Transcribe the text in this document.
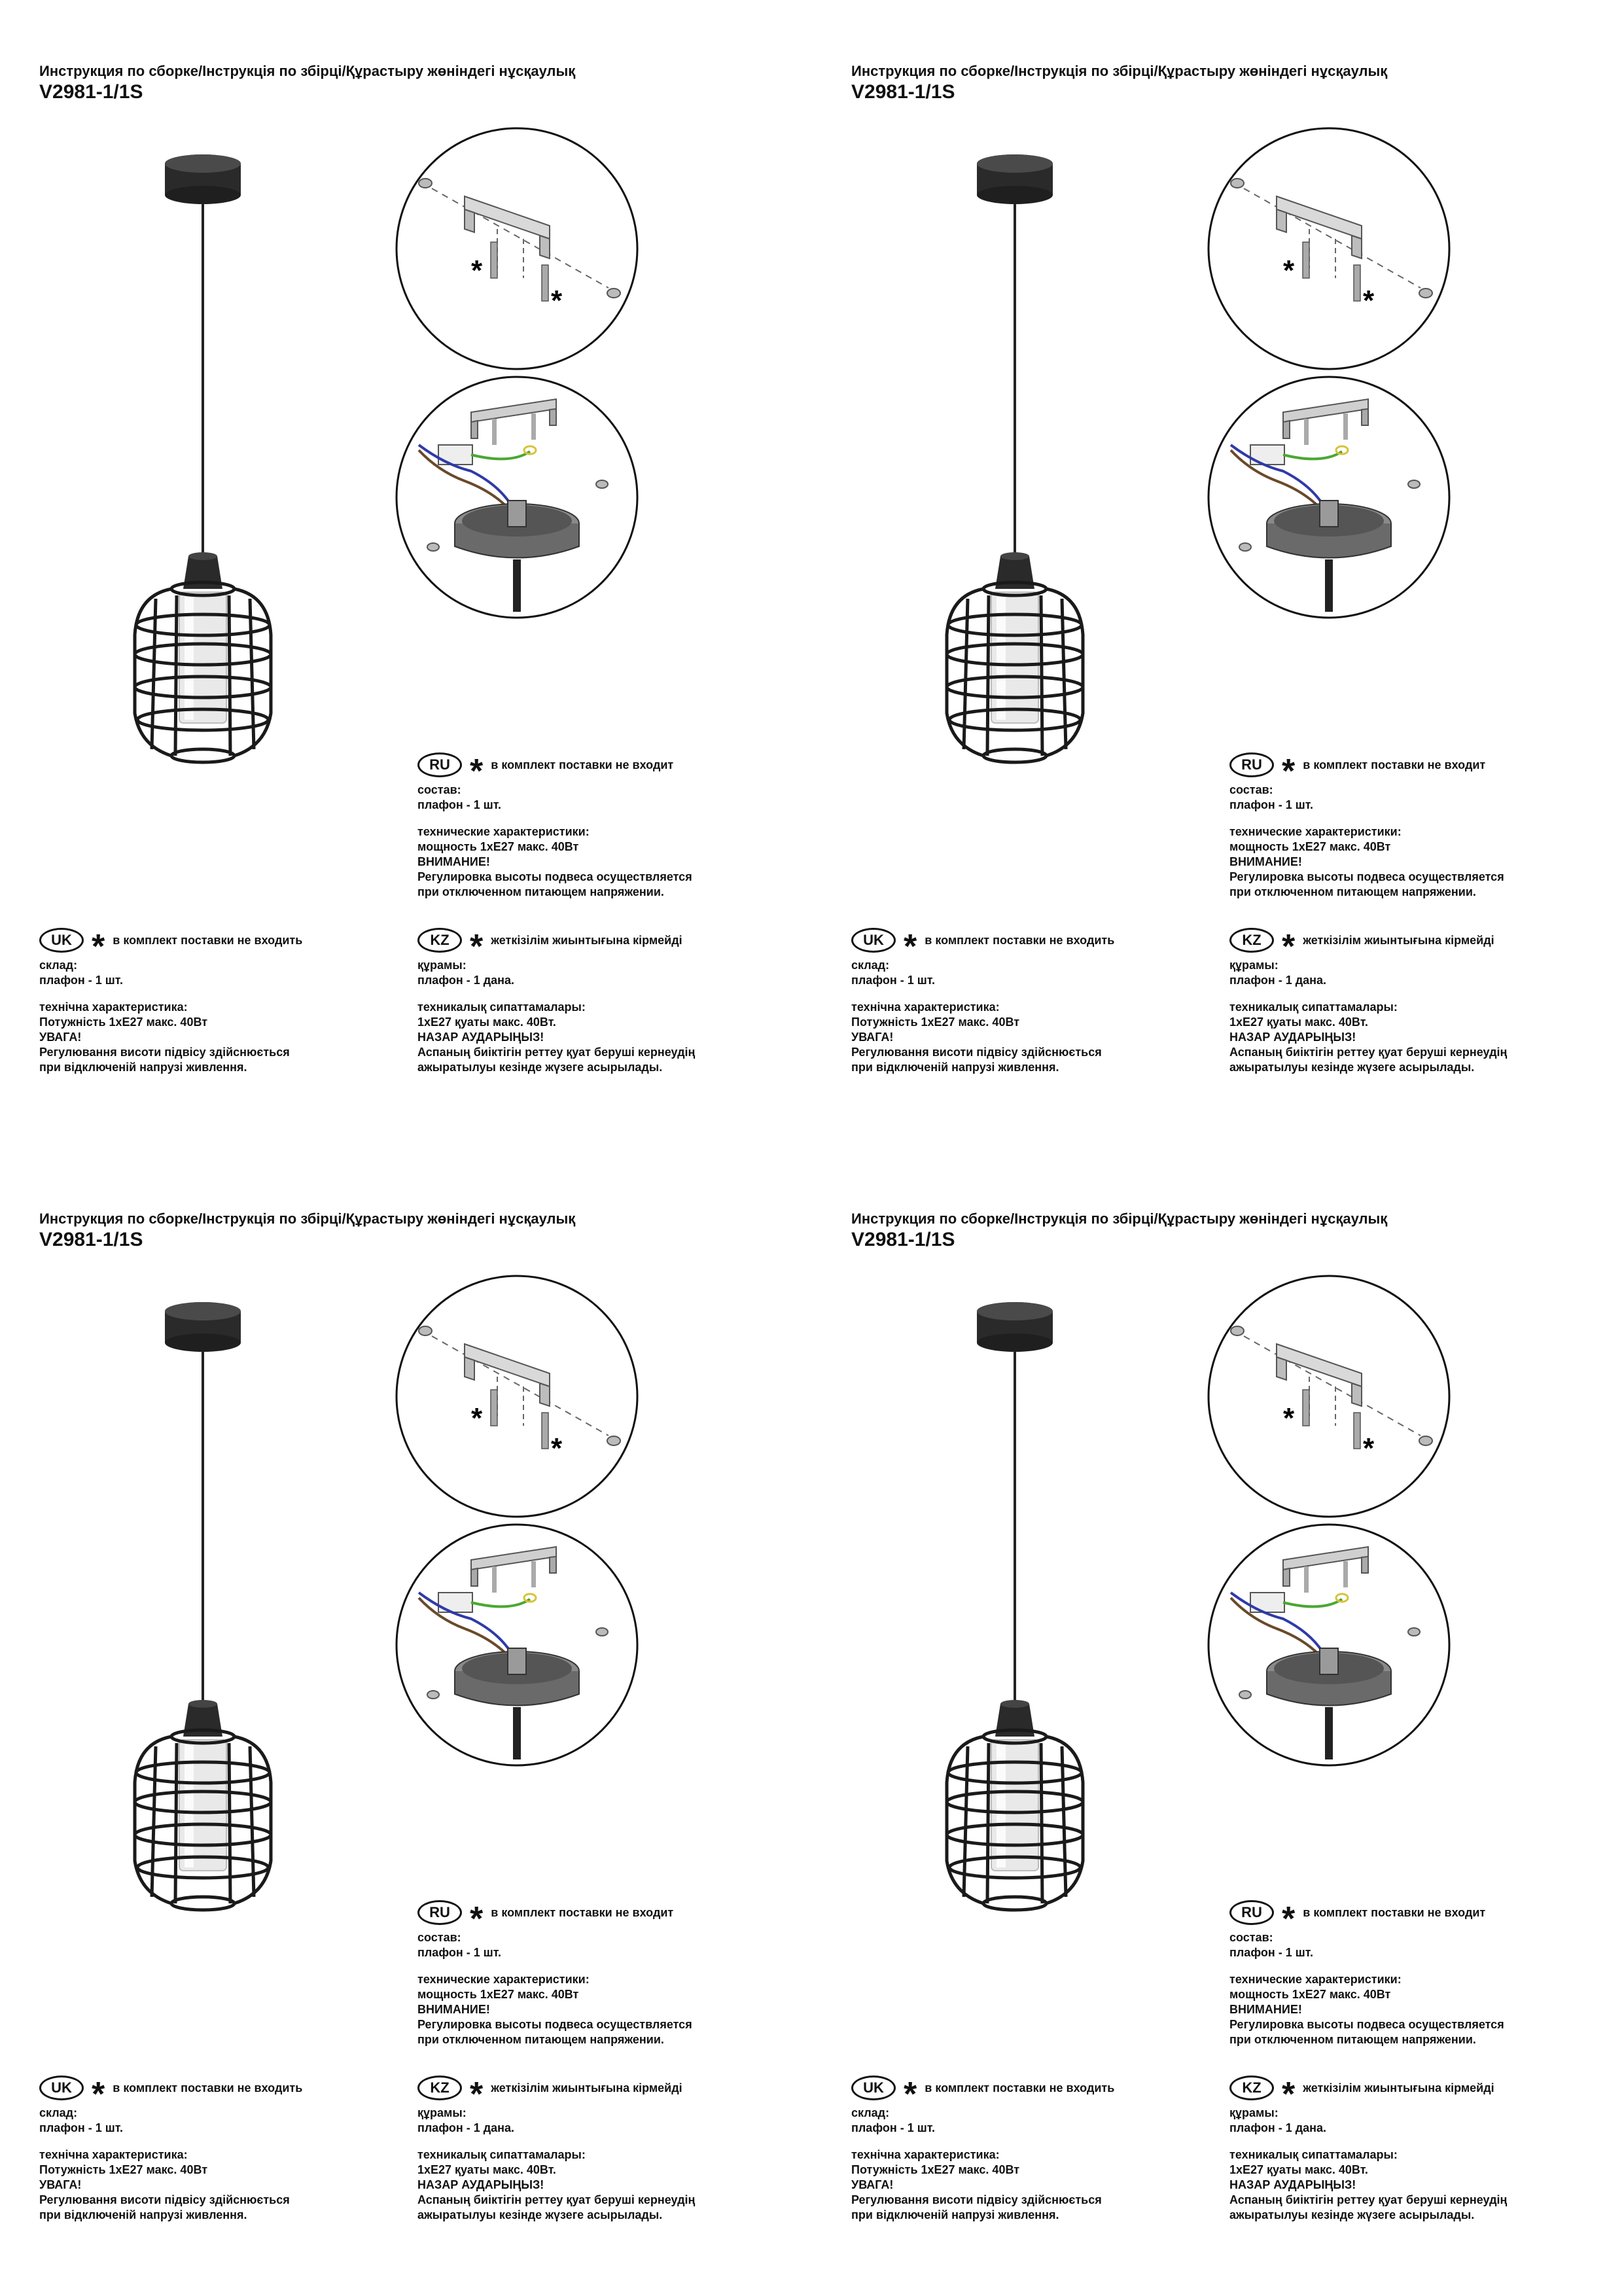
Инструкция по сборке/Інструкція по збірці/Құрастыру жөніндегі нұсқаулық
V2981-1/1S
*
*
RU * в комплект поставки не входит
состав:
плафон - 1 шт.
технические характеристики:
мощность 1хЕ27 макс. 40Вт
ВНИМАНИЕ!
Регулировка высоты подвеса осуществляется
при отключенном питающем напряжении.
UK * в комплект поставки не входить
склад:
плафон - 1 шт.
технічна характеристика:
Потужність 1хЕ27 макс. 40Вт
УВАГА!
Регулювання висоти підвісу здійснюється
при відключеній напрузі живлення.
KZ * жеткізілім жиынтығына кірмейді
құрамы:
плафон - 1 дана.
техникалық сипаттамалары:
1хЕ27 қуаты макс. 40Вт.
НАЗАР АУДАРЫҢЫЗ!
Аспаның биіктігін реттеу қуат беруші кернеудің
ажыратылуы кезінде жүзеге асырылады.
Инструкция по сборке/Інструкція по збірці/Құрастыру жөніндегі нұсқаулық
V2981-1/1S
*
*
RU * в комплект поставки не входит
состав:
плафон - 1 шт.
технические характеристики:
мощность 1хЕ27 макс. 40Вт
ВНИМАНИЕ!
Регулировка высоты подвеса осуществляется
при отключенном питающем напряжении.
UK * в комплект поставки не входить
склад:
плафон - 1 шт.
технічна характеристика:
Потужність 1хЕ27 макс. 40Вт
УВАГА!
Регулювання висоти підвісу здійснюється
при відключеній напрузі живлення.
KZ * жеткізілім жиынтығына кірмейді
құрамы:
плафон - 1 дана.
техникалық сипаттамалары:
1хЕ27 қуаты макс. 40Вт.
НАЗАР АУДАРЫҢЫЗ!
Аспаның биіктігін реттеу қуат беруші кернеудің
ажыратылуы кезінде жүзеге асырылады.
Инструкция по сборке/Інструкція по збірці/Құрастыру жөніндегі нұсқаулық
V2981-1/1S
*
*
RU * в комплект поставки не входит
состав:
плафон - 1 шт.
технические характеристики:
мощность 1хЕ27 макс. 40Вт
ВНИМАНИЕ!
Регулировка высоты подвеса осуществляется
при отключенном питающем напряжении.
UK * в комплект поставки не входить
склад:
плафон - 1 шт.
технічна характеристика:
Потужність 1хЕ27 макс. 40Вт
УВАГА!
Регулювання висоти підвісу здійснюється
при відключеній напрузі живлення.
KZ * жеткізілім жиынтығына кірмейді
құрамы:
плафон - 1 дана.
техникалық сипаттамалары:
1хЕ27 қуаты макс. 40Вт.
НАЗАР АУДАРЫҢЫЗ!
Аспаның биіктігін реттеу қуат беруші кернеудің
ажыратылуы кезінде жүзеге асырылады.
Инструкция по сборке/Інструкція по збірці/Құрастыру жөніндегі нұсқаулық
V2981-1/1S
*
*
RU * в комплект поставки не входит
состав:
плафон - 1 шт.
технические характеристики:
мощность 1хЕ27 макс. 40Вт
ВНИМАНИЕ!
Регулировка высоты подвеса осуществляется
при отключенном питающем напряжении.
UK * в комплект поставки не входить
склад:
плафон - 1 шт.
технічна характеристика:
Потужність 1хЕ27 макс. 40Вт
УВАГА!
Регулювання висоти підвісу здійснюється
при відключеній напрузі живлення.
KZ * жеткізілім жиынтығына кірмейді
құрамы:
плафон - 1 дана.
техникалық сипаттамалары:
1хЕ27 қуаты макс. 40Вт.
НАЗАР АУДАРЫҢЫЗ!
Аспаның биіктігін реттеу қуат беруші кернеудің
ажыратылуы кезінде жүзеге асырылады.
